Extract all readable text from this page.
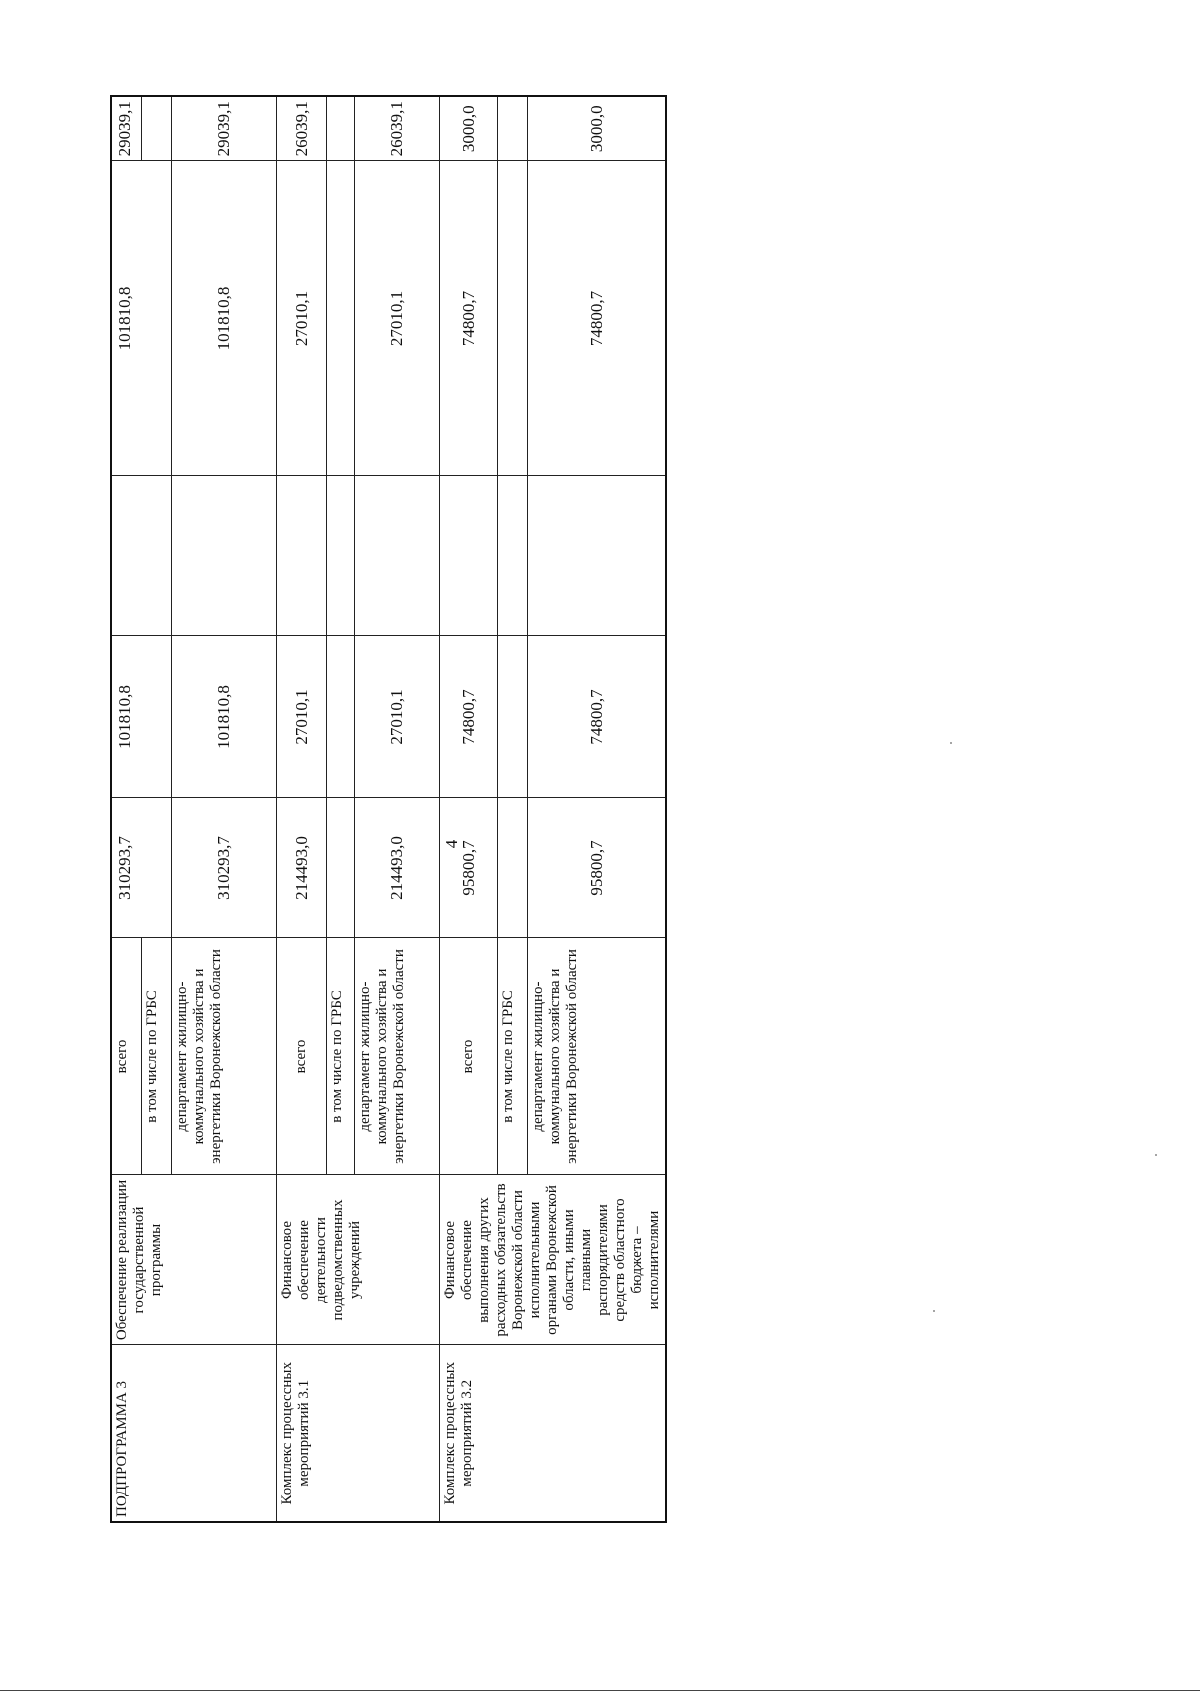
4
ПОДПРОГРАММА 3	Обеспечение реализации государственной программы	всего	310293,7	101810,8		101810,8	29039,1
		в том числе по ГРБС					
		департамент жилищно-коммунального хозяйства и энергетики Воронежской области	310293,7	101810,8		101810,8	29039,1
Комплекс процессных мероприятий 3.1	Финансовое обеспечение деятельности подведомственных учреждений	всего	214493,0	27010,1		27010,1	26039,1
		в том числе по ГРБС					
		департамент жилищно-коммунального хозяйства и энергетики Воронежской области	214493,0	27010,1		27010,1	26039,1
Комплекс процессных мероприятий 3.2	Финансовое обеспечение выполнения других расходных обязательств Воронежской области исполнительными органами Воронежской области, иными главными распорядителями средств областного бюджета – исполнителями	всего	95800,7	74800,7		74800,7	3000,0
		в том числе по ГРБС					
		департамент жилищно-коммунального хозяйства и энергетики Воронежской области	95800,7	74800,7		74800,7	3000,0
